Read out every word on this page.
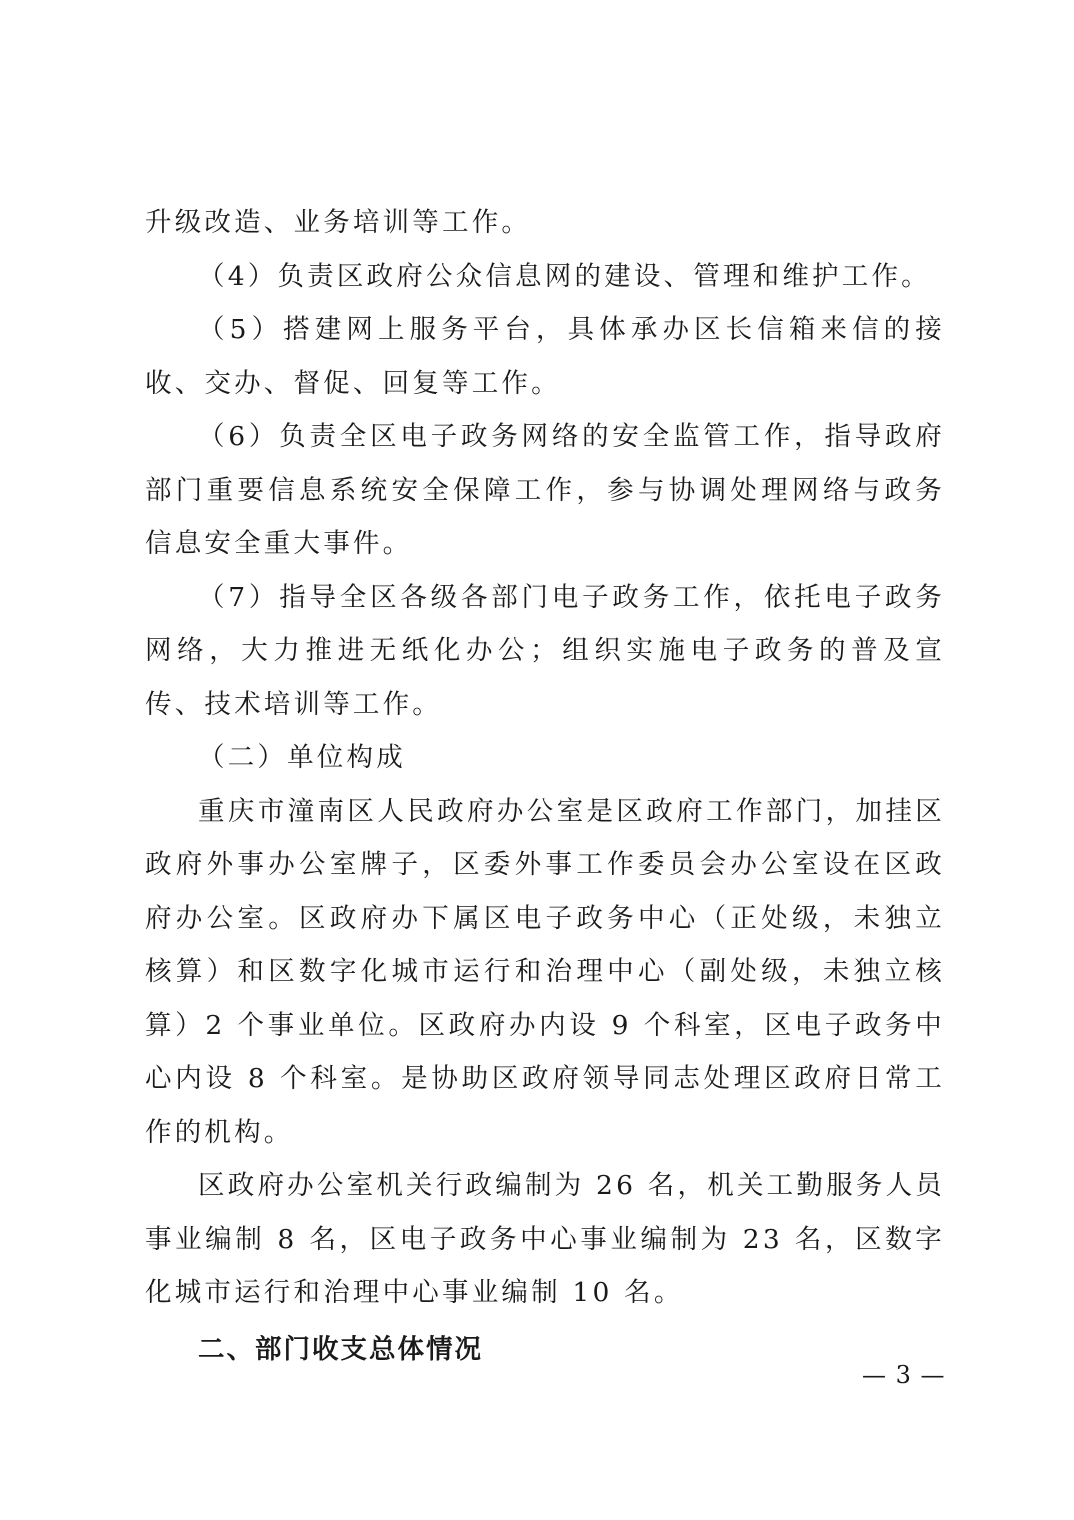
升级改造、业务培训等工作。

（4）负责区政府公众信息网的建设、管理和维护工作。

（5）搭建网上服务平台，具体承办区长信箱来信的接收、交办、督促、回复等工作。

（6）负责全区电子政务网络的安全监管工作，指导政府部门重要信息系统安全保障工作，参与协调处理网络与政务信息安全重大事件。

（7）指导全区各级各部门电子政务工作，依托电子政务网络，大力推进无纸化办公；组织实施电子政务的普及宣传、技术培训等工作。

（二）单位构成

重庆市潼南区人民政府办公室是区政府工作部门，加挂区政府外事办公室牌子，区委外事工作委员会办公室设在区政府办公室。区政府办下属区电子政务中心（正处级，未独立核算）和区数字化城市运行和治理中心（副处级，未独立核算）2 个事业单位。区政府办内设 9 个科室，区电子政务中心内设 8 个科室。是协助区政府领导同志处理区政府日常工作的机构。

区政府办公室机关行政编制为 26 名，机关工勤服务人员事业编制 8 名，区电子政务中心事业编制为 23 名，区数字化城市运行和治理中心事业编制 10 名。

二、部门收支总体情况

— 3 —
